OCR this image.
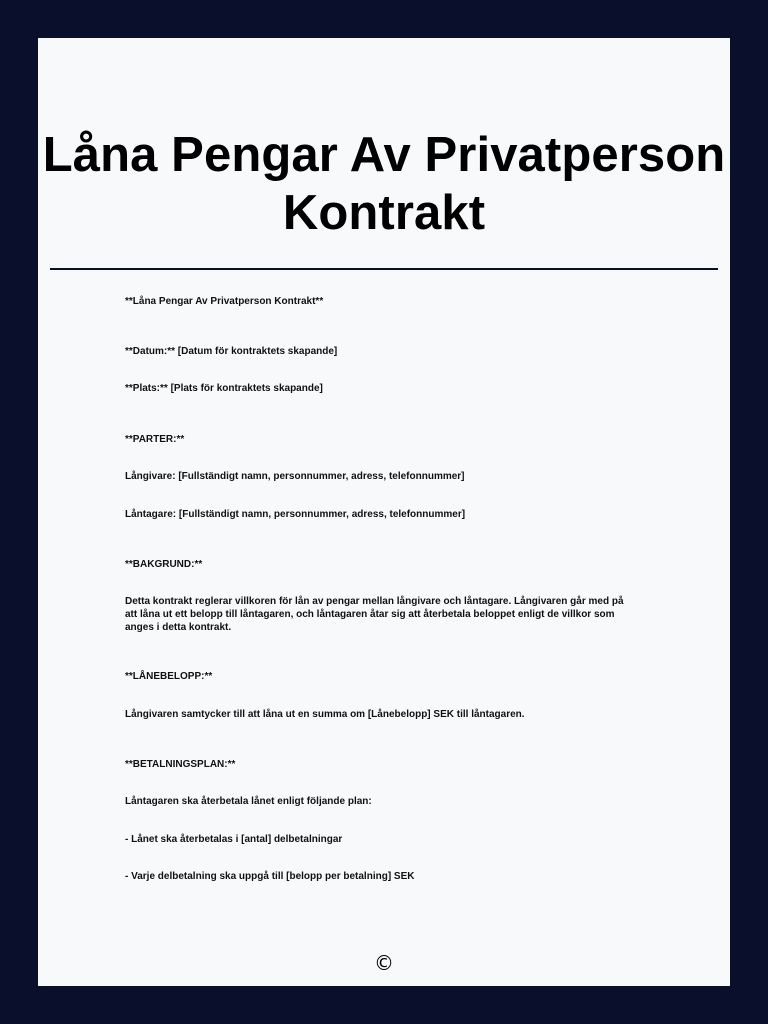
Låna Pengar Av Privatperson
Kontrakt

**Låna Pengar Av Privatperson Kontrakt**

**Datum:** [Datum för kontraktets skapande]

**Plats:** [Plats för kontraktets skapande]

**PARTER:**

Långivare: [Fullständigt namn, personnummer, adress, telefonnummer]

Låntagare: [Fullständigt namn, personnummer, adress, telefonnummer]

**BAKGRUND:**

Detta kontrakt reglerar villkoren för lån av pengar mellan långivare och låntagare. Långivaren går med på att låna ut ett belopp till låntagaren, och låntagaren åtar sig att återbetala beloppet enligt de villkor som anges i detta kontrakt.

**LÅNEBELOPP:**

Långivaren samtycker till att låna ut en summa om [Lånebelopp] SEK till låntagaren.

**BETALNINGSPLAN:**

Låntagaren ska återbetala lånet enligt följande plan:

- Lånet ska återbetalas i [antal] delbetalningar

- Varje delbetalning ska uppgå till [belopp per betalning] SEK

©
